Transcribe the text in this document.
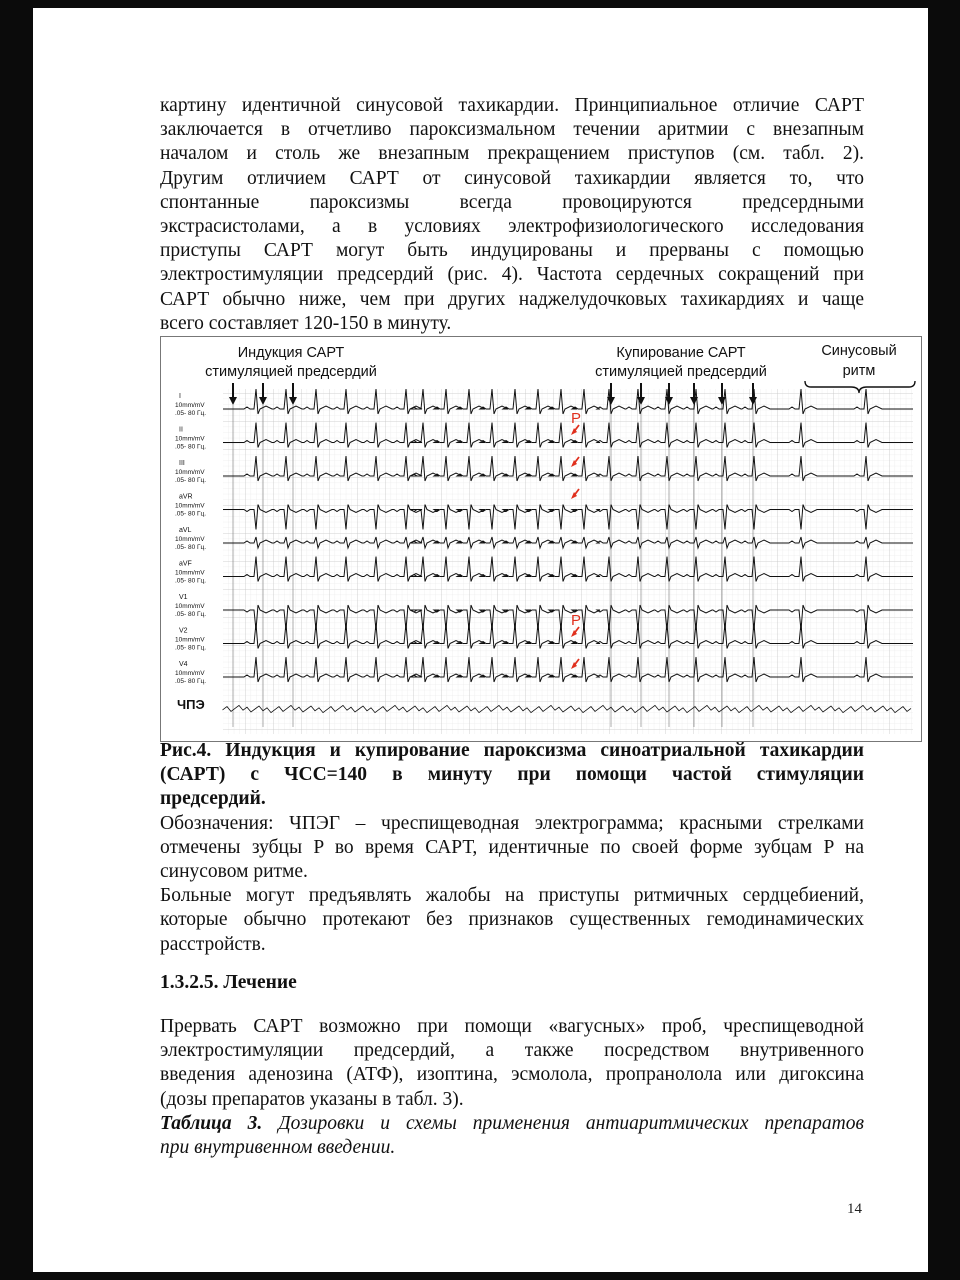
картину идентичной синусовой тахикардии. Принципиальное отличие САРТ
заключается в отчетливо пароксизмальном течении аритмии с внезапным
началом и столь же внезапным прекращением приступов (см. табл. 2).
Другим отличием САРТ от синусовой тахикардии является то, что
спонтанные пароксизмы всегда провоцируются предсердными
экстрасистолами, а в условиях электрофизиологического исследования
приступы САРТ могут быть индуцированы и прерваны с помощью
электростимуляции предсердий (рис. 4). Частота сердечных сокращений при
САРТ обычно ниже, чем при других наджелудочковых тахикардиях и чаще
всего составляет 120-150 в минуту.
Индукция САРТ
стимуляцией предсердий
Купирование САРТ
стимуляцией предсердий
Синусовый
ритм
I
10mm/mV
.05- 80 Гц.
II
10mm/mV
.05- 80 Гц.
III
10mm/mV
.05- 80 Гц.
aVR
10mm/mV
.05- 80 Гц.
aVL
10mm/mV
.05- 80 Гц.
aVF
10mm/mV
.05- 80 Гц.
V1
10mm/mV
.05- 80 Гц.
V2
10mm/mV
.05- 80 Гц.
V4
10mm/mV
.05- 80 Гц.
P
P
ЧПЭ
Рис.4. Индукция и купирование пароксизма синоатриальной тахикардии
(САРТ) с ЧСС=140 в минуту при помощи частой стимуляции
предсердий.
Обозначения: ЧПЭГ – чреспищеводная электрограмма; красными стрелками
отмечены зубцы P во время САРТ, идентичные по своей форме зубцам P на
синусовом ритме.
Больные могут предъявлять жалобы на приступы ритмичных сердцебиений,
которые обычно протекают без признаков существенных гемодинамических
расстройств.
1.3.2.5. Лечение
Прервать САРТ возможно при помощи «вагусных» проб, чреспищеводной
электростимуляции предсердий, а также посредством внутривенного
введения аденозина (АТФ), изоптина, эсмолола, пропранолола или дигоксина
(дозы препаратов указаны в табл. 3).
Таблица 3. Дозировки и схемы применения антиаритмических препаратов
при внутривенном введении.
14
